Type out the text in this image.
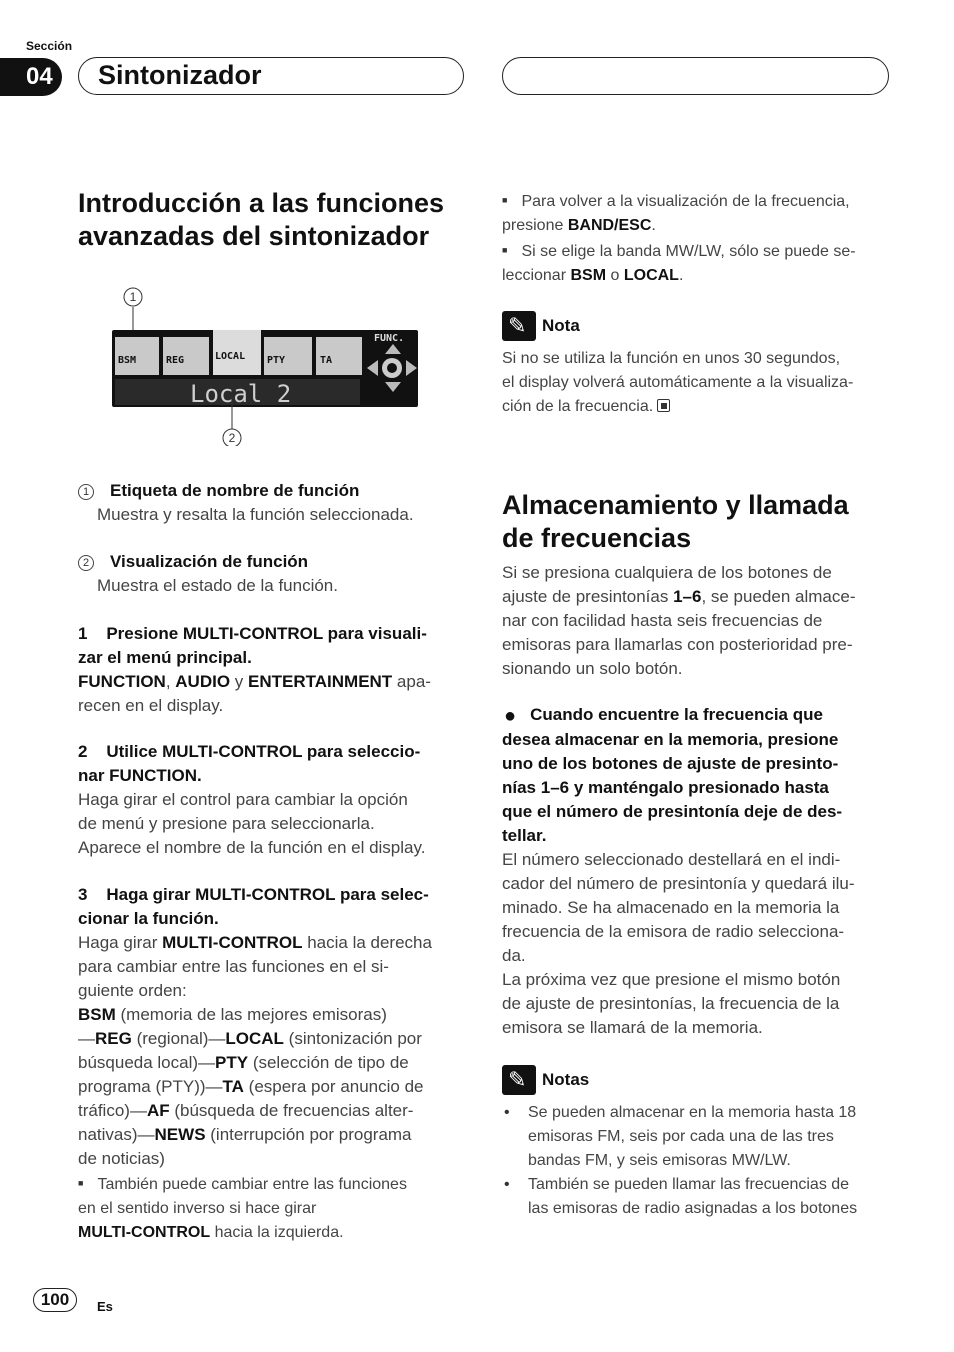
Sección
04	Sintonizador
Introducción a las funciones avanzadas del sintonizador
1
BSM	REG	LOCAL PTY	TA
FUNC.
Local 2
2
1 Etiqueta de nombre de función
Muestra y resalta la función seleccionada.
2 Visualización de función
Muestra el estado de la función.
1    Presione MULTI-CONTROL para visuali-
zar el menú principal.
FUNCTION, AUDIO y ENTERTAINMENT apa-
recen en el display.
2    Utilice MULTI-CONTROL para seleccio-
nar FUNCTION.
Haga girar el control para cambiar la opción
de menú y presione para seleccionarla.
Aparece el nombre de la función en el display.
3    Haga girar MULTI-CONTROL para selec-
cionar la función.
Haga girar MULTI-CONTROL hacia la derecha
para cambiar entre las funciones en el si-
guiente orden:
BSM (memoria de las mejores emisoras)
—REG (regional)—LOCAL (sintonización por
búsqueda local)—PTY (selección de tipo de
programa (PTY))—TA (espera por anuncio de
tráfico)—AF (búsqueda de frecuencias alter-
nativas)—NEWS (interrupción por programa
de noticias)
■ También puede cambiar entre las funciones
en el sentido inverso si hace girar
MULTI-CONTROL hacia la izquierda.
■ Para volver a la visualización de la frecuencia,
presione BAND/ESC.
■ Si se elige la banda MW/LW, sólo se puede se-
leccionar BSM o LOCAL.
✎Nota
Si no se utiliza la función en unos 30 segundos,
el display volverá automáticamente a la visualiza-
ción de la frecuencia.
Almacenamiento y llamada
de frecuencias
Si se presiona cualquiera de los botones de
ajuste de presintonías 1–6, se pueden almace-
nar con facilidad hasta seis frecuencias de
emisoras para llamarlas con posterioridad pre-
sionando un solo botón.
● Cuando encuentre la frecuencia que
desea almacenar en la memoria, presione
uno de los botones de ajuste de presinto-
nías 1–6 y manténgalo presionado hasta
que el número de presintonía deje de des-
tellar.
El número seleccionado destellará en el indi-
cador del número de presintonía y quedará ilu-
minado. Se ha almacenado en la memoria la
frecuencia de la emisora de radio selecciona-
da.
La próxima vez que presione el mismo botón
de ajuste de presintonías, la frecuencia de la
emisora se llamará de la memoria.
✎Notas
• Se pueden almacenar en la memoria hasta 18
emisoras FM, seis por cada una de las tres
bandas FM, y seis emisoras MW/LW.
• También se pueden llamar las frecuencias de
las emisoras de radio asignadas a los botones
100	Es
